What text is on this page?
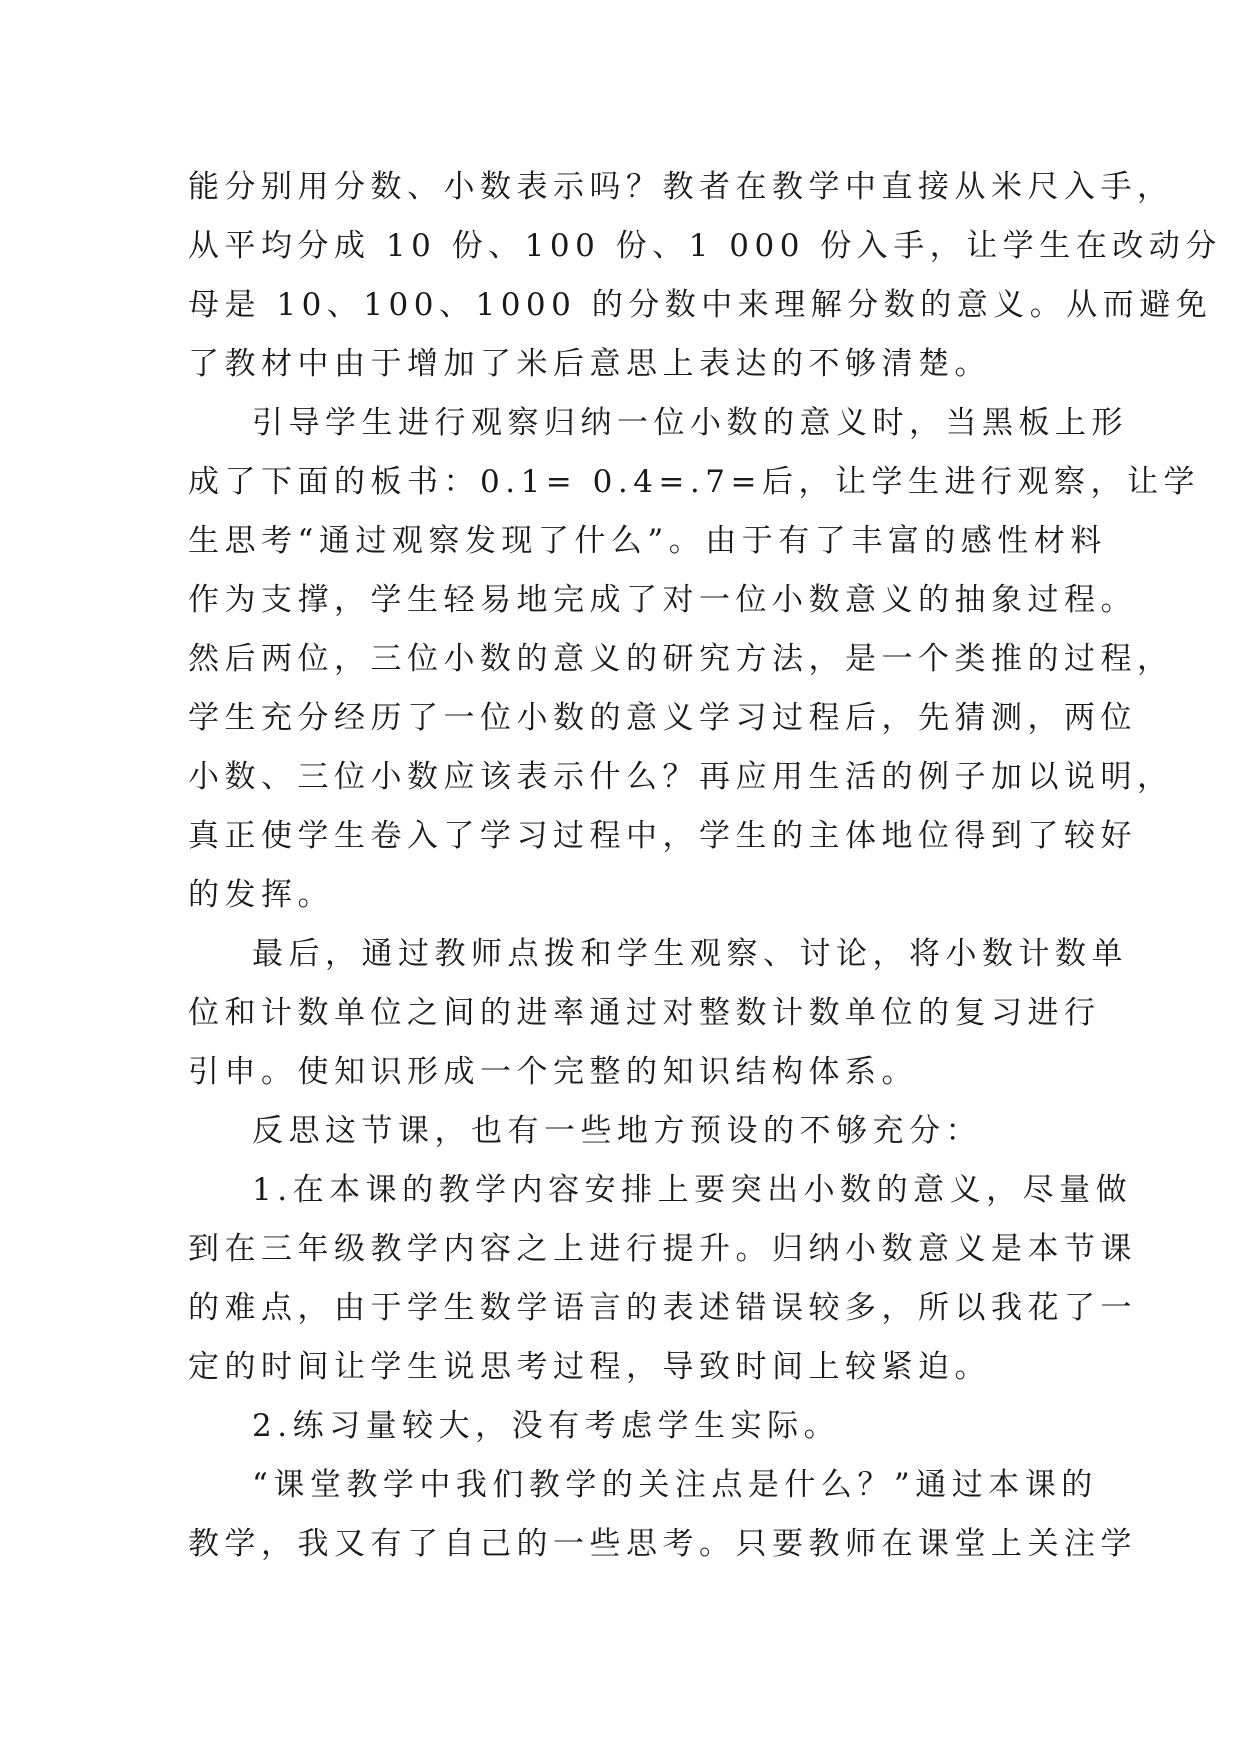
能分别用分数、小数表示吗？教者在教学中直接从米尺入手，
从平均分成 10 份、100 份、1 000 份入手，让学生在改动分
母是 10、100、1000 的分数中来理解分数的意义。从而避免
了教材中由于增加了米后意思上表达的不够清楚。
引导学生进行观察归纳一位小数的意义时，当黑板上形
成了下面的板书：0.1= 0.4=.7=后，让学生进行观察，让学
生思考“通过观察发现了什么”。由于有了丰富的感性材料
作为支撑，学生轻易地完成了对一位小数意义的抽象过程。
然后两位，三位小数的意义的研究方法，是一个类推的过程，
学生充分经历了一位小数的意义学习过程后，先猜测，两位
小数、三位小数应该表示什么？再应用生活的例子加以说明，
真正使学生卷入了学习过程中，学生的主体地位得到了较好
的发挥。
最后，通过教师点拨和学生观察、讨论，将小数计数单
位和计数单位之间的进率通过对整数计数单位的复习进行
引申。使知识形成一个完整的知识结构体系。
反思这节课，也有一些地方预设的不够充分：
1.在本课的教学内容安排上要突出小数的意义，尽量做
到在三年级教学内容之上进行提升。归纳小数意义是本节课
的难点，由于学生数学语言的表述错误较多，所以我花了一
定的时间让学生说思考过程，导致时间上较紧迫。
2.练习量较大，没有考虑学生实际。
“课堂教学中我们教学的关注点是什么？”通过本课的
教学，我又有了自己的一些思考。只要教师在课堂上关注学
